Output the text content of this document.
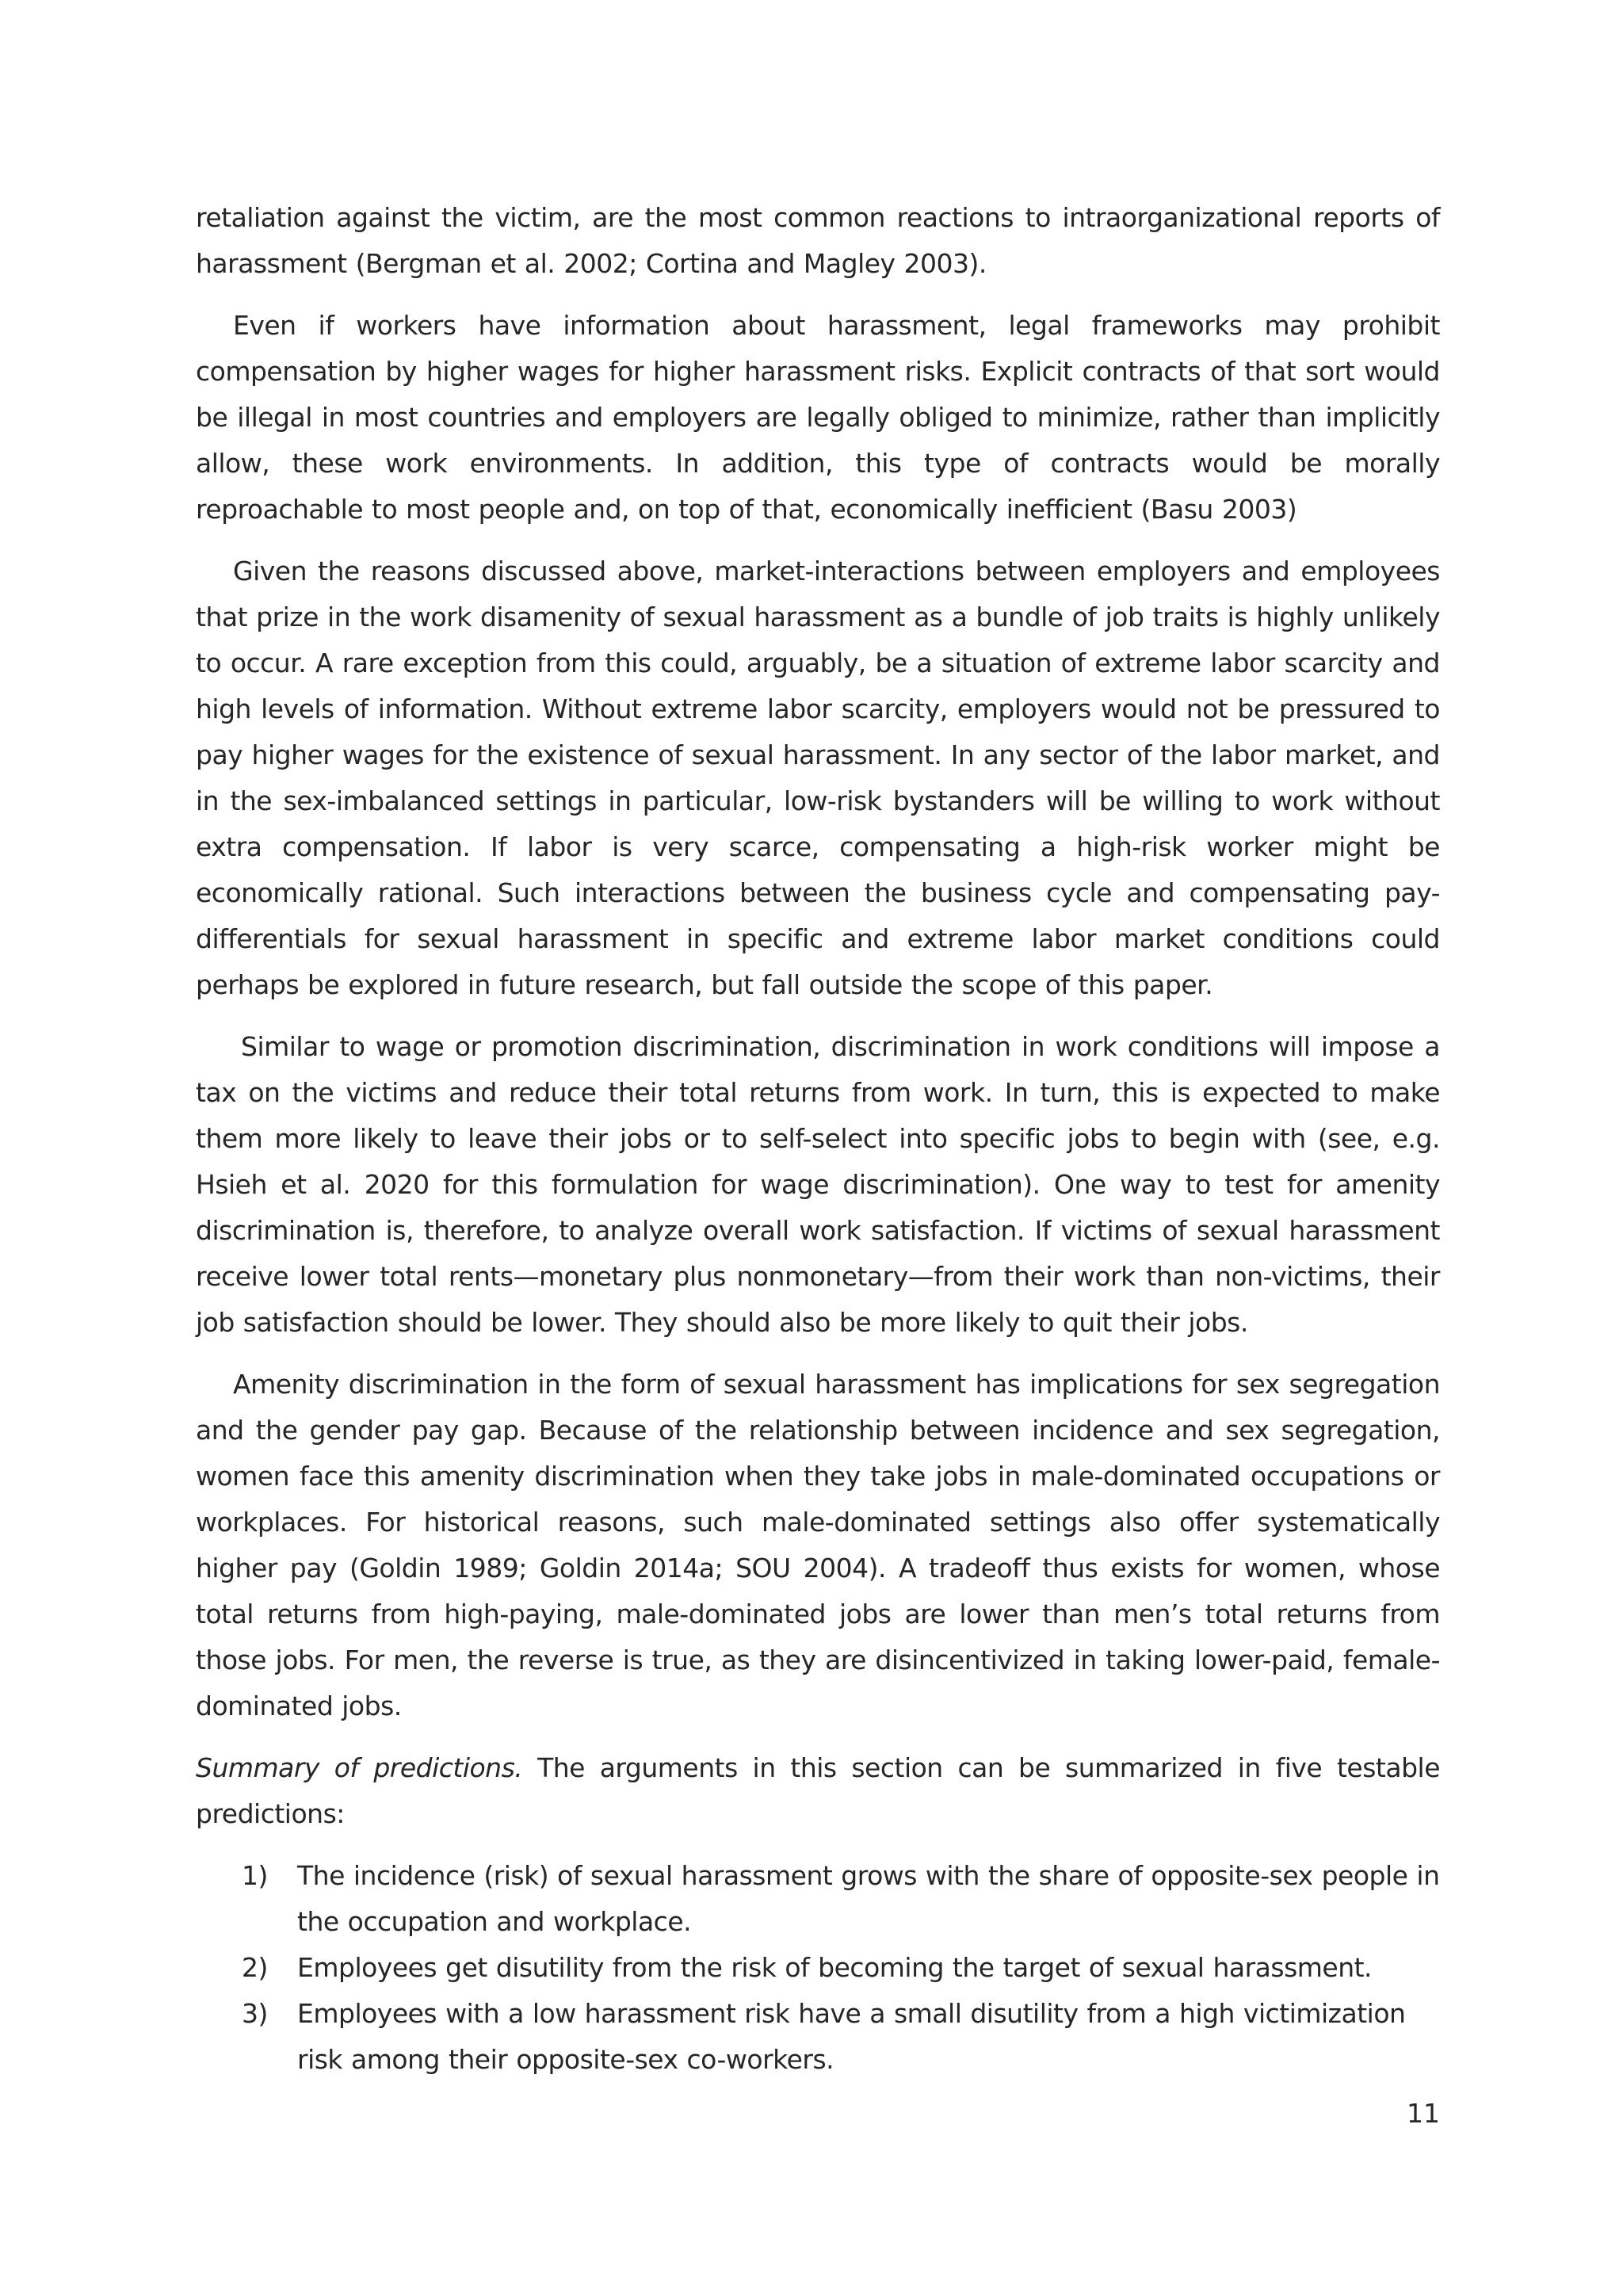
retaliation against the victim, are the most common reactions to intraorganizational reports of harassment (Bergman et al. 2002; Cortina and Magley 2003).

Even if workers have information about harassment, legal frameworks may prohibit compensation by higher wages for higher harassment risks. Explicit contracts of that sort would be illegal in most countries and employers are legally obliged to minimize, rather than implicitly allow, these work environments. In addition, this type of contracts would be morally reproachable to most people and, on top of that, economically inefficient (Basu 2003)

Given the reasons discussed above, market-interactions between employers and employees that prize in the work disamenity of sexual harassment as a bundle of job traits is highly unlikely to occur. A rare exception from this could, arguably, be a situation of extreme labor scarcity and high levels of information. Without extreme labor scarcity, employers would not be pressured to pay higher wages for the existence of sexual harassment. In any sector of the labor market, and in the sex-imbalanced settings in particular, low-risk bystanders will be willing to work without extra compensation. If labor is very scarce, compensating a high-risk worker might be economically rational. Such interactions between the business cycle and compensating pay-differentials for sexual harassment in specific and extreme labor market conditions could perhaps be explored in future research, but fall outside the scope of this paper.

Similar to wage or promotion discrimination, discrimination in work conditions will impose a tax on the victims and reduce their total returns from work. In turn, this is expected to make them more likely to leave their jobs or to self-select into specific jobs to begin with (see, e.g. Hsieh et al. 2020 for this formulation for wage discrimination). One way to test for amenity discrimination is, therefore, to analyze overall work satisfaction. If victims of sexual harassment receive lower total rents—monetary plus nonmonetary—from their work than non-victims, their job satisfaction should be lower. They should also be more likely to quit their jobs.

Amenity discrimination in the form of sexual harassment has implications for sex segregation and the gender pay gap. Because of the relationship between incidence and sex segregation, women face this amenity discrimination when they take jobs in male-dominated occupations or workplaces. For historical reasons, such male-dominated settings also offer systematically higher pay (Goldin 1989; Goldin 2014a; SOU 2004). A tradeoff thus exists for women, whose total returns from high-paying, male-dominated jobs are lower than men’s total returns from those jobs. For men, the reverse is true, as they are disincentivized in taking lower-paid, female-dominated jobs.

Summary of predictions. The arguments in this section can be summarized in five testable predictions:

1) The incidence (risk) of sexual harassment grows with the share of opposite-sex people in the occupation and workplace.
2) Employees get disutility from the risk of becoming the target of sexual harassment.
3) Employees with a low harassment risk have a small disutility from a high victimization risk among their opposite-sex co-workers.
11
